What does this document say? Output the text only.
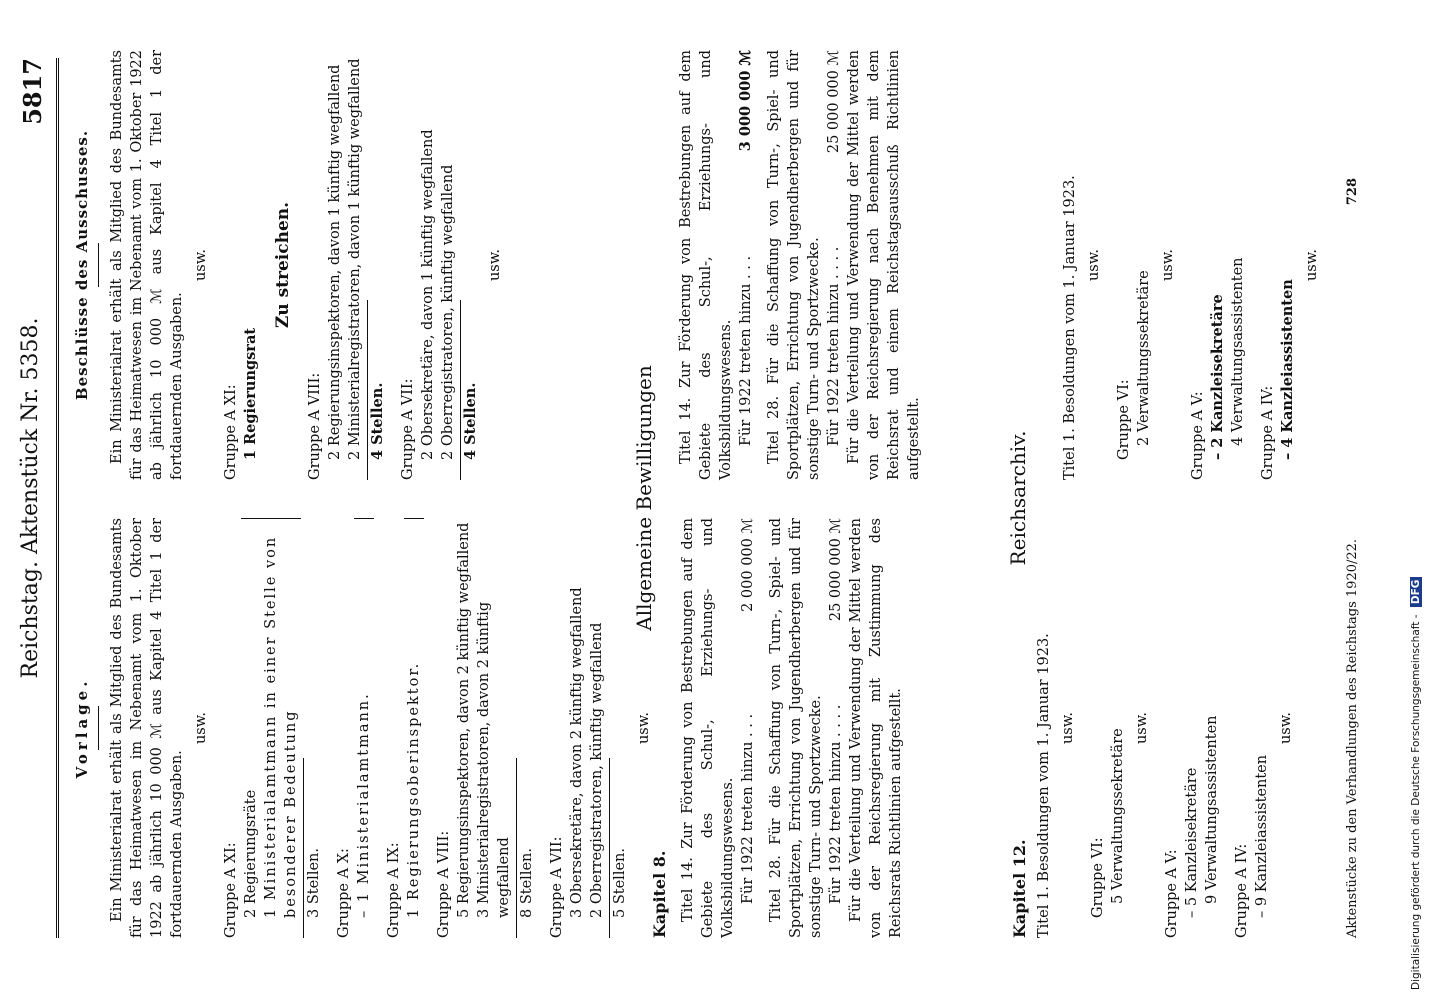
Reichstag. Aktenstück Nr. 5358.
5817
Vorlage. Ein Ministerialrat erhält als Mitglied des Bundesamts für das Heimatwesen im Nebenamt vom 1. Oktober 1922 ab jährlich 10 000 ℳ aus Kapitel 4 Titel 1 der fortdauernden Ausgaben.
usw.
Gruppe A XI: 2 Regierungsräte 1 Ministerialamtmann in einer Stelle von besonderer Bedeutung 3 Stellen. Gruppe A X: – 1 Ministerialamtmann. Gruppe A IX: 1 Regierungsoberinspektor. Gruppe A VIII: 5 Regierungsinspektoren, davon 2 künftig wegfallend 3 Ministerialregistratoren, davon 2 künftig wegfallend 8 Stellen. Gruppe A VII: 3 Obersekretäre, davon 2 künftig wegfallend 2 Oberregistratoren, künftig wegfallend 5 Stellen.
usw.
Beschlüsse des Ausschusses. Ein Ministerialrat erhält als Mitglied des Bundesamts für das Heimatwesen im Nebenamt vom 1. Oktober 1922 ab jährlich 10 000 ℳ aus Kapitel 4 Titel 1 der fortdauernden Ausgaben.
usw.
Gruppe A XI: 1 Regierungsrat
Zu streichen.
Gruppe A VIII: 2 Regierungsinspektoren, davon 1 künftig wegfallend 2 Ministerialregistratoren, davon 1 künftig wegfallend 4 Stellen. Gruppe A VII: 2 Obersekretäre, davon 1 künftig wegfallend 2 Oberregistratoren, künftig wegfallend 4 Stellen.
usw.
Allgemeine Bewilligungen
Kapitel 8. Titel 14. Zur Förderung von Bestrebungen auf dem Gebiete des Schul-, Erziehungs- und Volksbildungswesens. Für 1922 treten hinzu . . .
2 000 000 ℳ Titel 28. Für die Schaffung von Turn-, Spiel- und Sportplätzen, Errichtung von Jugendherbergen und für sonstige Turn- und Sportzwecke. Für 1922 treten hinzu . . . .
25 000 000 ℳ Für die Verteilung und Verwendung der Mittel werden von der Reichsregierung mit Zustimmung des Reichsrats Richtlinien aufgestellt.
Titel 14. Zur Förderung von Bestrebungen auf dem Gebiete des Schul-, Erziehungs- und Volksbildungswesens. Für 1922 treten hinzu . . .
3 000 000 ℳ Titel 28. Für die Schaffung von Turn-, Spiel- und Sportplätzen, Errichtung von Jugendherbergen und für sonstige Turn- und Sportzwecke. Für 1922 treten hinzu . . . .
25 000 000 ℳ Für die Verteilung und Verwendung der Mittel werden von der Reichsregierung nach Benehmen mit dem Reichsrat und einem Reichstagsausschuß Richtlinien aufgestellt.	Reichsarchiv.
Kapitel 12. Titel 1. Besoldungen vom 1. Januar 1923. usw.
Gruppe VI: 5 Verwaltungssekretäre
usw.
Gruppe A V: – 5 Kanzleisekretäre 9 Verwaltungsassistenten Gruppe A IV: – 9 Kanzleiassistenten
usw.
Titel 1. Besoldungen vom 1. Januar 1923. usw.
Gruppe VI: 2 Verwaltungssekretäre
usw.
Gruppe A V: – 2 Kanzleisekretäre 4 Verwaltungsassistenten Gruppe A IV: – 4 Kanzleiassistenten
usw.
Aktenstücke zu den Verhandlungen des Reichstags 1920/22.
728
Digitalisierung gefördert durch die Deutsche Forschungsgemeinschaft - DFG
